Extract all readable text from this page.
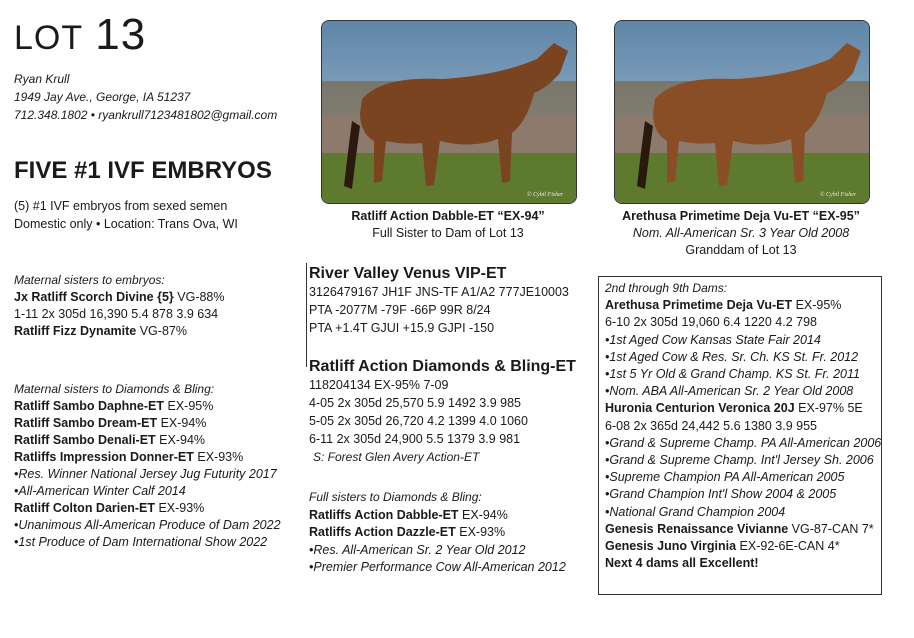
LOT 13
Ryan Krull
1949 Jay Ave., George, IA 51237
712.348.1802 • ryankrull7123481802@gmail.com
FIVE #1 IVF EMBRYOS
(5) #1 IVF embryos from sexed semen
Domestic only • Location: Trans Ova, WI
Maternal sisters to embryos:
Jx Ratliff Scorch Divine {5} VG-88%
1-11 2x 305d 16,390 5.4 878 3.9 634
Ratliff Fizz Dynamite VG-87%
Maternal sisters to Diamonds & Bling:
Ratliff Sambo Daphne-ET EX-95%
Ratliff Sambo Dream-ET EX-94%
Ratliff Sambo Denali-ET EX-94%
Ratliffs Impression Donner-ET EX-93%
•Res. Winner National Jersey Jug Futurity 2017
•All-American Winter Calf 2014
Ratliff Colton Darien-ET EX-93%
•Unanimous All-American Produce of Dam 2022
•1st Produce of Dam International Show 2022
© Cybil Fisher
Ratliff Action Dabble-ET “EX-94”
Full Sister to Dam of Lot 13
© Cybil Fisher
Arethusa Primetime Deja Vu-ET “EX-95”
Nom. All-American Sr. 3 Year Old 2008
Granddam of Lot 13
River Valley Venus VIP-ET
3126479167 JH1F JNS-TF A1/A2 777JE10003
PTA -2077M -79F -66P 99R 8/24
PTA +1.4T GJUI +15.9 GJPI -150
Ratliff Action Diamonds & Bling-ET
118204134 EX-95% 7-09
4-05 2x 305d 25,570 5.9 1492 3.9 985
5-05 2x 305d 26,720 4.2 1399 4.0 1060
6-11 2x 305d 24,900 5.5 1379 3.9 981
S: Forest Glen Avery Action-ET
Full sisters to Diamonds & Bling:
Ratliffs Action Dabble-ET EX-94%
Ratliffs Action Dazzle-ET EX-93%
•Res. All-American Sr. 2 Year Old 2012
•Premier Performance Cow All-American 2012
2nd through 9th Dams:
Arethusa Primetime Deja Vu-ET EX-95%
6-10 2x 305d 19,060 6.4 1220 4.2 798
•1st Aged Cow Kansas State Fair 2014
•1st Aged Cow & Res. Sr. Ch. KS St. Fr. 2012
•1st 5 Yr Old & Grand Champ. KS St. Fr. 2011
•Nom. ABA All-American Sr. 2 Year Old 2008
Huronia Centurion Veronica 20J EX-97% 5E
6-08 2x 365d 24,442 5.6 1380 3.9 955
•Grand & Supreme Champ. PA All-American 2006
•Grand & Supreme Champ. Int'l Jersey Sh. 2006
•Supreme Champion PA All-American 2005
•Grand Champion Int'l Show 2004 & 2005
•National Grand Champion 2004
Genesis Renaissance Vivianne VG-87-CAN 7*
Genesis Juno Virginia EX-92-6E-CAN 4*
Next 4 dams all Excellent!
